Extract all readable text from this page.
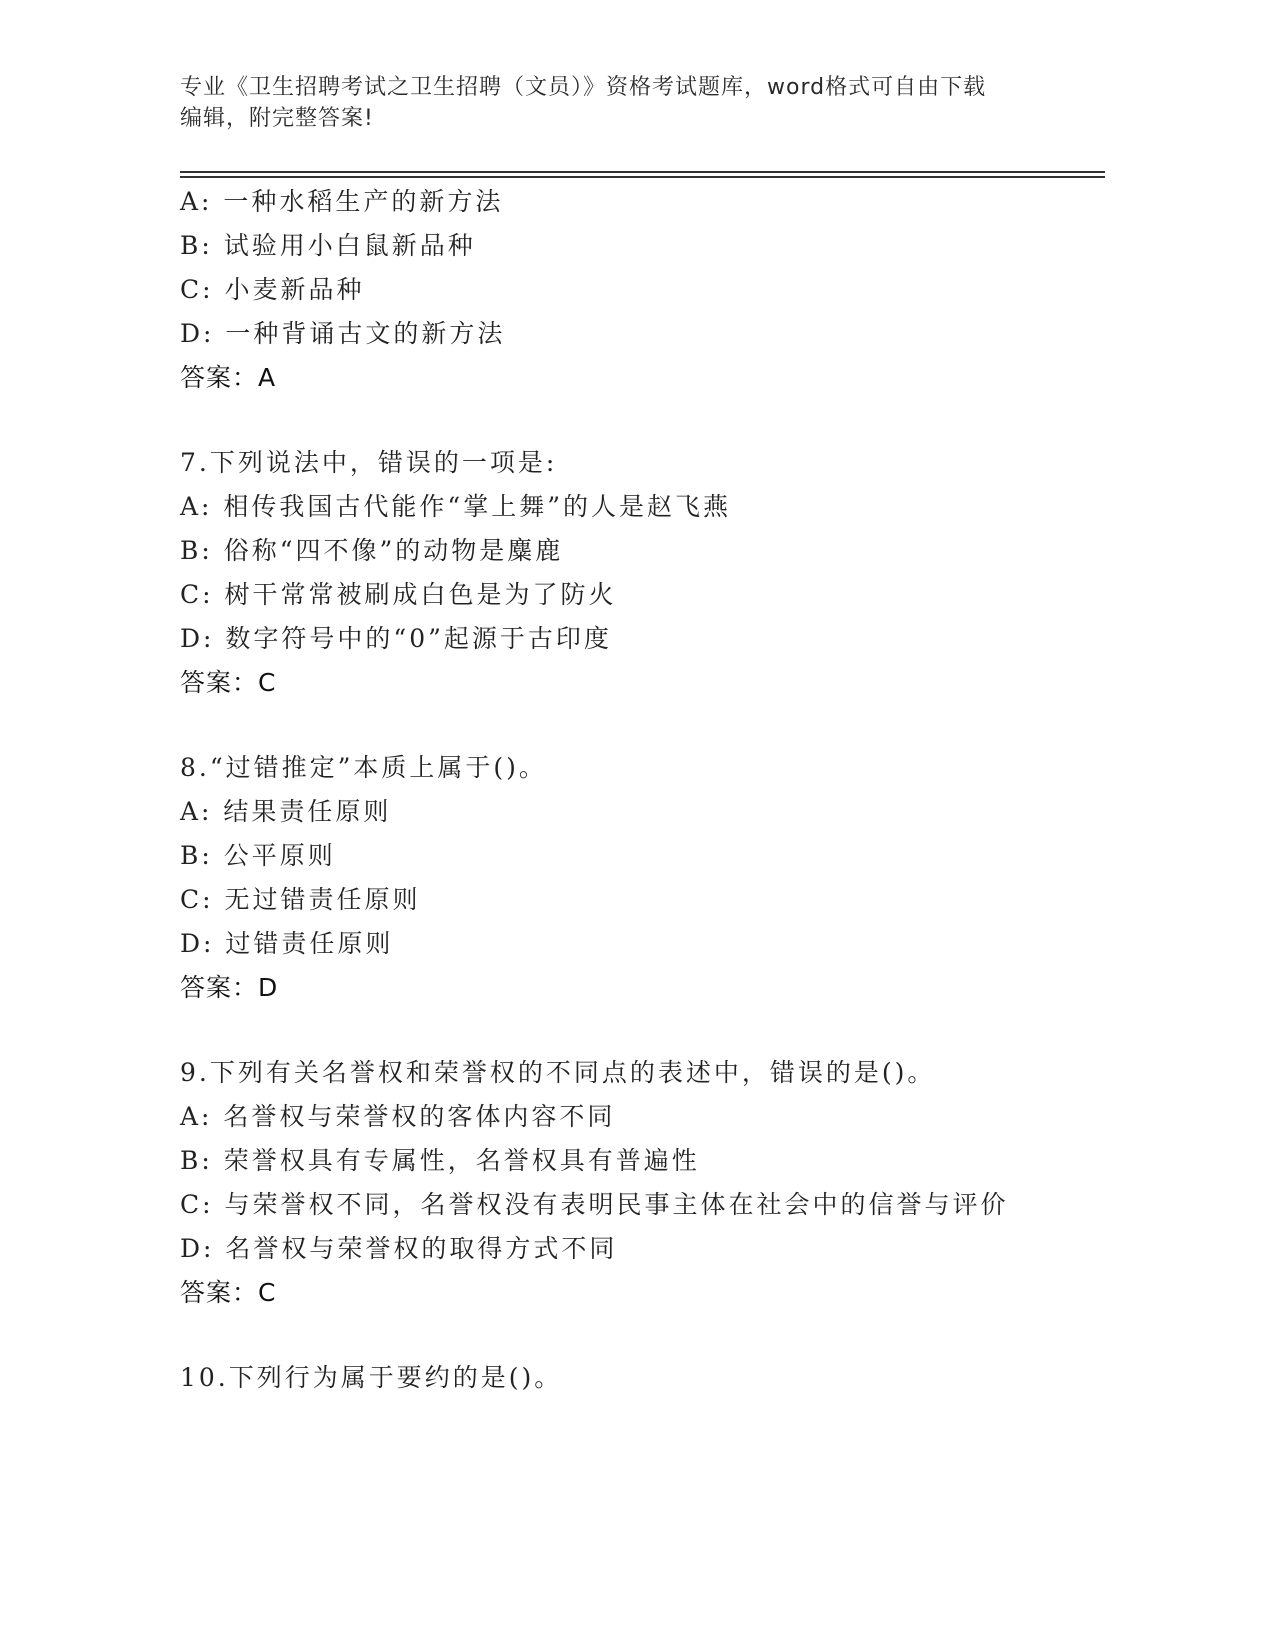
专业《卫生招聘考试之卫生招聘（文员）》资格考试题库，word格式可自由下载
编辑，附完整答案!
A: 一种水稻生产的新方法
B: 试验用小白鼠新品种
C: 小麦新品种
D: 一种背诵古文的新方法
答案：A
7.下列说法中，错误的一项是:
A: 相传我国古代能作“掌上舞”的人是赵飞燕
B: 俗称“四不像”的动物是麋鹿
C: 树干常常被刷成白色是为了防火
D: 数字符号中的“0”起源于古印度
答案：C
8.“过错推定”本质上属于()。
A: 结果责任原则
B: 公平原则
C: 无过错责任原则
D: 过错责任原则
答案：D
9.下列有关名誉权和荣誉权的不同点的表述中，错误的是()。
A: 名誉权与荣誉权的客体内容不同
B: 荣誉权具有专属性，名誉权具有普遍性
C: 与荣誉权不同，名誉权没有表明民事主体在社会中的信誉与评价
D: 名誉权与荣誉权的取得方式不同
答案：C
10.下列行为属于要约的是()。
